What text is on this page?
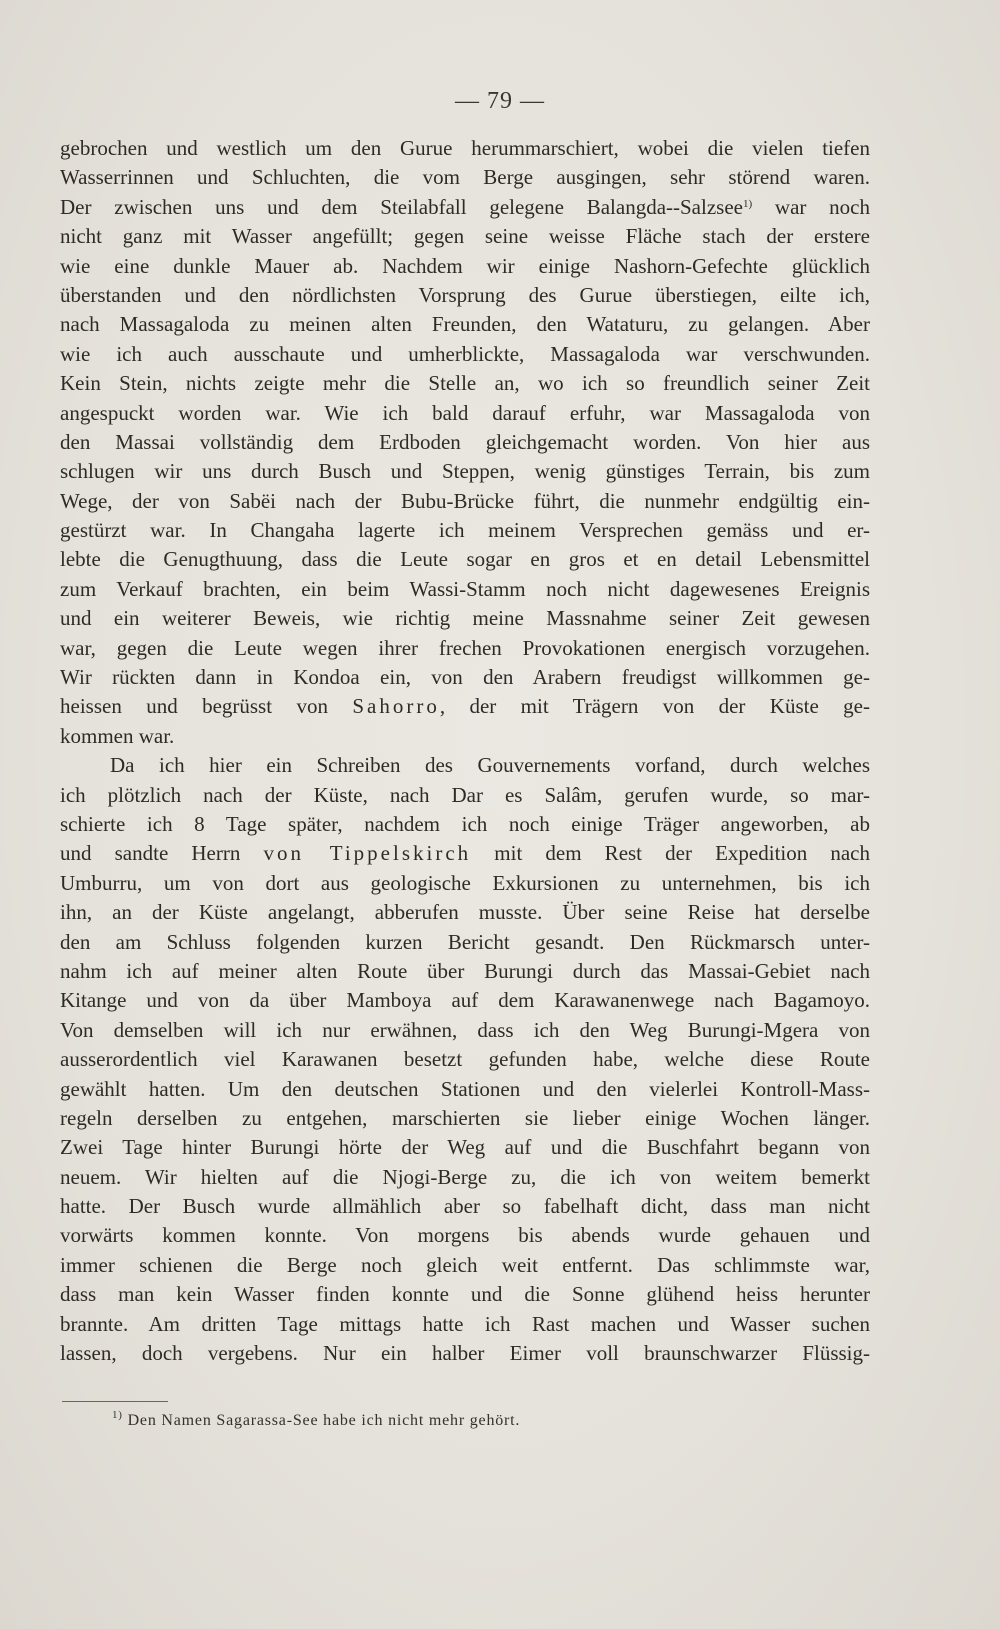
— 79 —
gebrochen und westlich um den Gurue herummarschiert, wobei die vielen tiefen
Wasserrinnen und Schluchten, die vom Berge ausgingen, sehr störend waren.
Der zwischen uns und dem Steilabfall gelegene Balangda--Salzsee$^{1)}$ war noch
nicht ganz mit Wasser angefüllt; gegen seine weisse Fläche stach der erstere
wie eine dunkle Mauer ab. Nachdem wir einige Nashorn-Gefechte glücklich
überstanden und den nördlichsten Vorsprung des Gurue überstiegen, eilte ich,
nach Massagaloda zu meinen alten Freunden, den Wataturu, zu gelangen. Aber
wie ich auch ausschaute und umherblickte, Massagaloda war verschwunden.
Kein Stein, nichts zeigte mehr die Stelle an, wo ich so freundlich seiner Zeit
angespuckt worden war. Wie ich bald darauf erfuhr, war Massagaloda von
den Massai vollständig dem Erdboden gleichgemacht worden. Von hier aus
schlugen wir uns durch Busch und Steppen, wenig günstiges Terrain, bis zum
Wege, der von Sabëi nach der Bubu-Brücke führt, die nunmehr endgültig ein-
gestürzt war. In Changaha lagerte ich meinem Versprechen gemäss und er-
lebte die Genugthuung, dass die Leute sogar en gros et en detail Lebensmittel
zum Verkauf brachten, ein beim Wassi-Stamm noch nicht dagewesenes Ereignis
und ein weiterer Beweis, wie richtig meine Massnahme seiner Zeit gewesen
war, gegen die Leute wegen ihrer frechen Provokationen energisch vorzugehen.
Wir rückten dann in Kondoa ein, von den Arabern freudigst willkommen ge-
heissen und begrüsst von Sahorro, der mit Trägern von der Küste ge-
kommen war.
Da ich hier ein Schreiben des Gouvernements vorfand, durch welches
ich plötzlich nach der Küste, nach Dar es Salâm, gerufen wurde, so mar-
schierte ich 8 Tage später, nachdem ich noch einige Träger angeworben, ab
und sandte Herrn von Tippelskirch mit dem Rest der Expedition nach
Umburru, um von dort aus geologische Exkursionen zu unternehmen, bis ich
ihn, an der Küste angelangt, abberufen musste. Über seine Reise hat derselbe
den am Schluss folgenden kurzen Bericht gesandt. Den Rückmarsch unter-
nahm ich auf meiner alten Route über Burungi durch das Massai-Gebiet nach
Kitange und von da über Mamboya auf dem Karawanenwege nach Bagamoyo.
Von demselben will ich nur erwähnen, dass ich den Weg Burungi-Mgera von
ausserordentlich viel Karawanen besetzt gefunden habe, welche diese Route
gewählt hatten. Um den deutschen Stationen und den vielerlei Kontroll-Mass-
regeln derselben zu entgehen, marschierten sie lieber einige Wochen länger.
Zwei Tage hinter Burungi hörte der Weg auf und die Buschfahrt begann von
neuem. Wir hielten auf die Njogi-Berge zu, die ich von weitem bemerkt
hatte. Der Busch wurde allmählich aber so fabelhaft dicht, dass man nicht
vorwärts kommen konnte. Von morgens bis abends wurde gehauen und
immer schienen die Berge noch gleich weit entfernt. Das schlimmste war,
dass man kein Wasser finden konnte und die Sonne glühend heiss herunter
brannte. Am dritten Tage mittags hatte ich Rast machen und Wasser suchen
lassen, doch vergebens. Nur ein halber Eimer voll braunschwarzer Flüssig-
$^{1)}$ Den Namen Sagarassa-See habe ich nicht mehr gehört.
